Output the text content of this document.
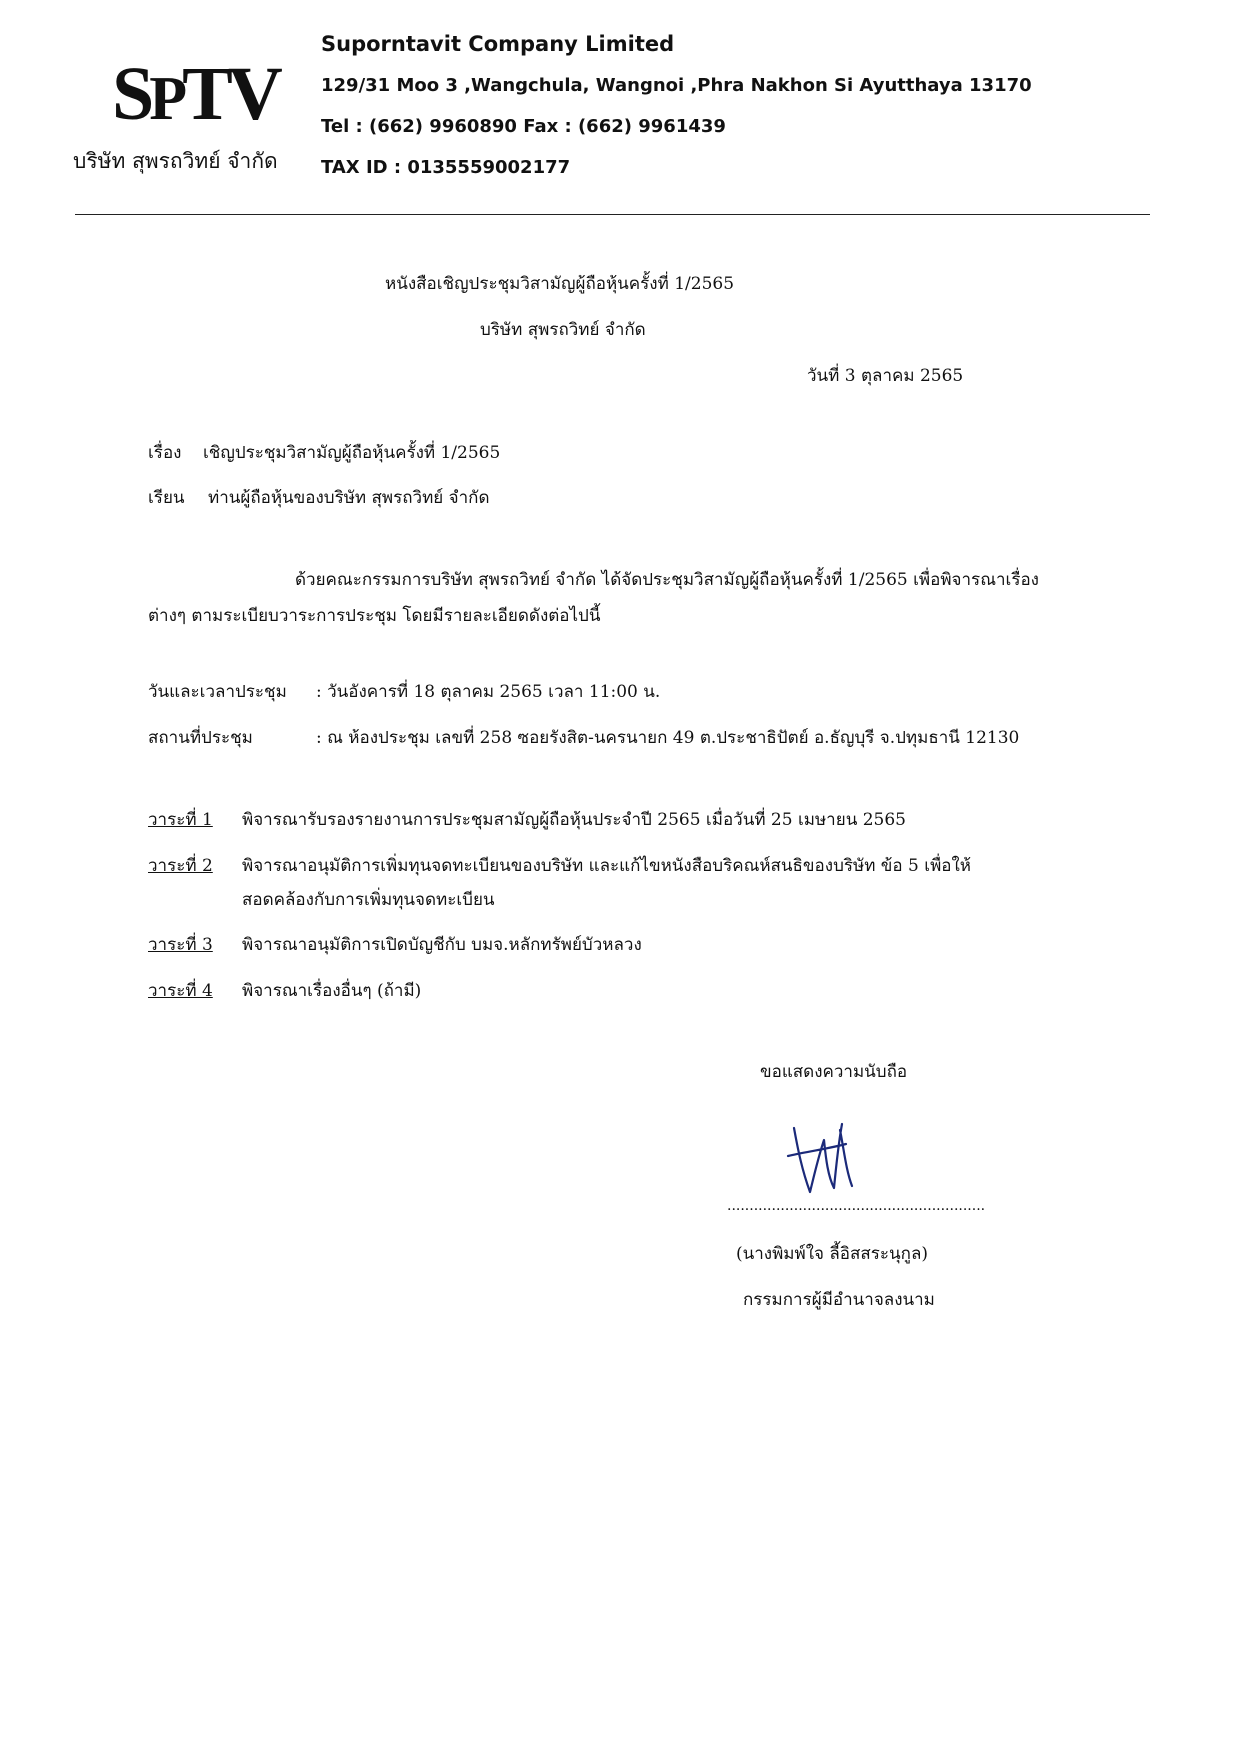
SPTV
บริษัท สุพรถวิทย์ จำกัด
Suporntavit Company Limited
129/31 Moo 3 ,Wangchula, Wangnoi ,Phra Nakhon Si Ayutthaya 13170
Tel : (662) 9960890 Fax : (662) 9961439
TAX ID : 0135559002177
หนังสือเชิญประชุมวิสามัญผู้ถือหุ้นครั้งที่ 1/2565
บริษัท สุพรถวิทย์ จำกัด
วันที่ 3 ตุลาคม 2565
เรื่อง เชิญประชุมวิสามัญผู้ถือหุ้นครั้งที่ 1/2565
เรียน ท่านผู้ถือหุ้นของบริษัท สุพรถวิทย์ จำกัด
ด้วยคณะกรรมการบริษัท สุพรถวิทย์ จำกัด ได้จัดประชุมวิสามัญผู้ถือหุ้นครั้งที่ 1/2565 เพื่อพิจารณาเรื่อง
ต่างๆ ตามระเบียบวาระการประชุม โดยมีรายละเอียดดังต่อไปนี้
วันและเวลาประชุม : วันอังคารที่ 18 ตุลาคม 2565 เวลา 11:00 น.
สถานที่ประชุม	: ณ ห้องประชุม เลขที่ 258 ซอยรังสิต-นครนายก 49 ต.ประชาธิปัตย์ อ.ธัญบุรี จ.ปทุมธานี 12130
วาระที่ 1 พิจารณารับรองรายงานการประชุมสามัญผู้ถือหุ้นประจำปี 2565 เมื่อวันที่ 25 เมษายน 2565
วาระที่ 2 พิจารณาอนุมัติการเพิ่มทุนจดทะเบียนของบริษัท และแก้ไขหนังสือบริคณห์สนธิของบริษัท ข้อ 5 เพื่อให้
สอดคล้องกับการเพิ่มทุนจดทะเบียน
วาระที่ 3 พิจารณาอนุมัติการเปิดบัญชีกับ บมจ.หลักทรัพย์บัวหลวง
วาระที่ 4 พิจารณาเรื่องอื่นๆ (ถ้ามี)
ขอแสดงความนับถือ
..........................................................
(นางพิมพ์ใจ ลี้อิสสระนุกูล)
กรรมการผู้มีอำนาจลงนาม
